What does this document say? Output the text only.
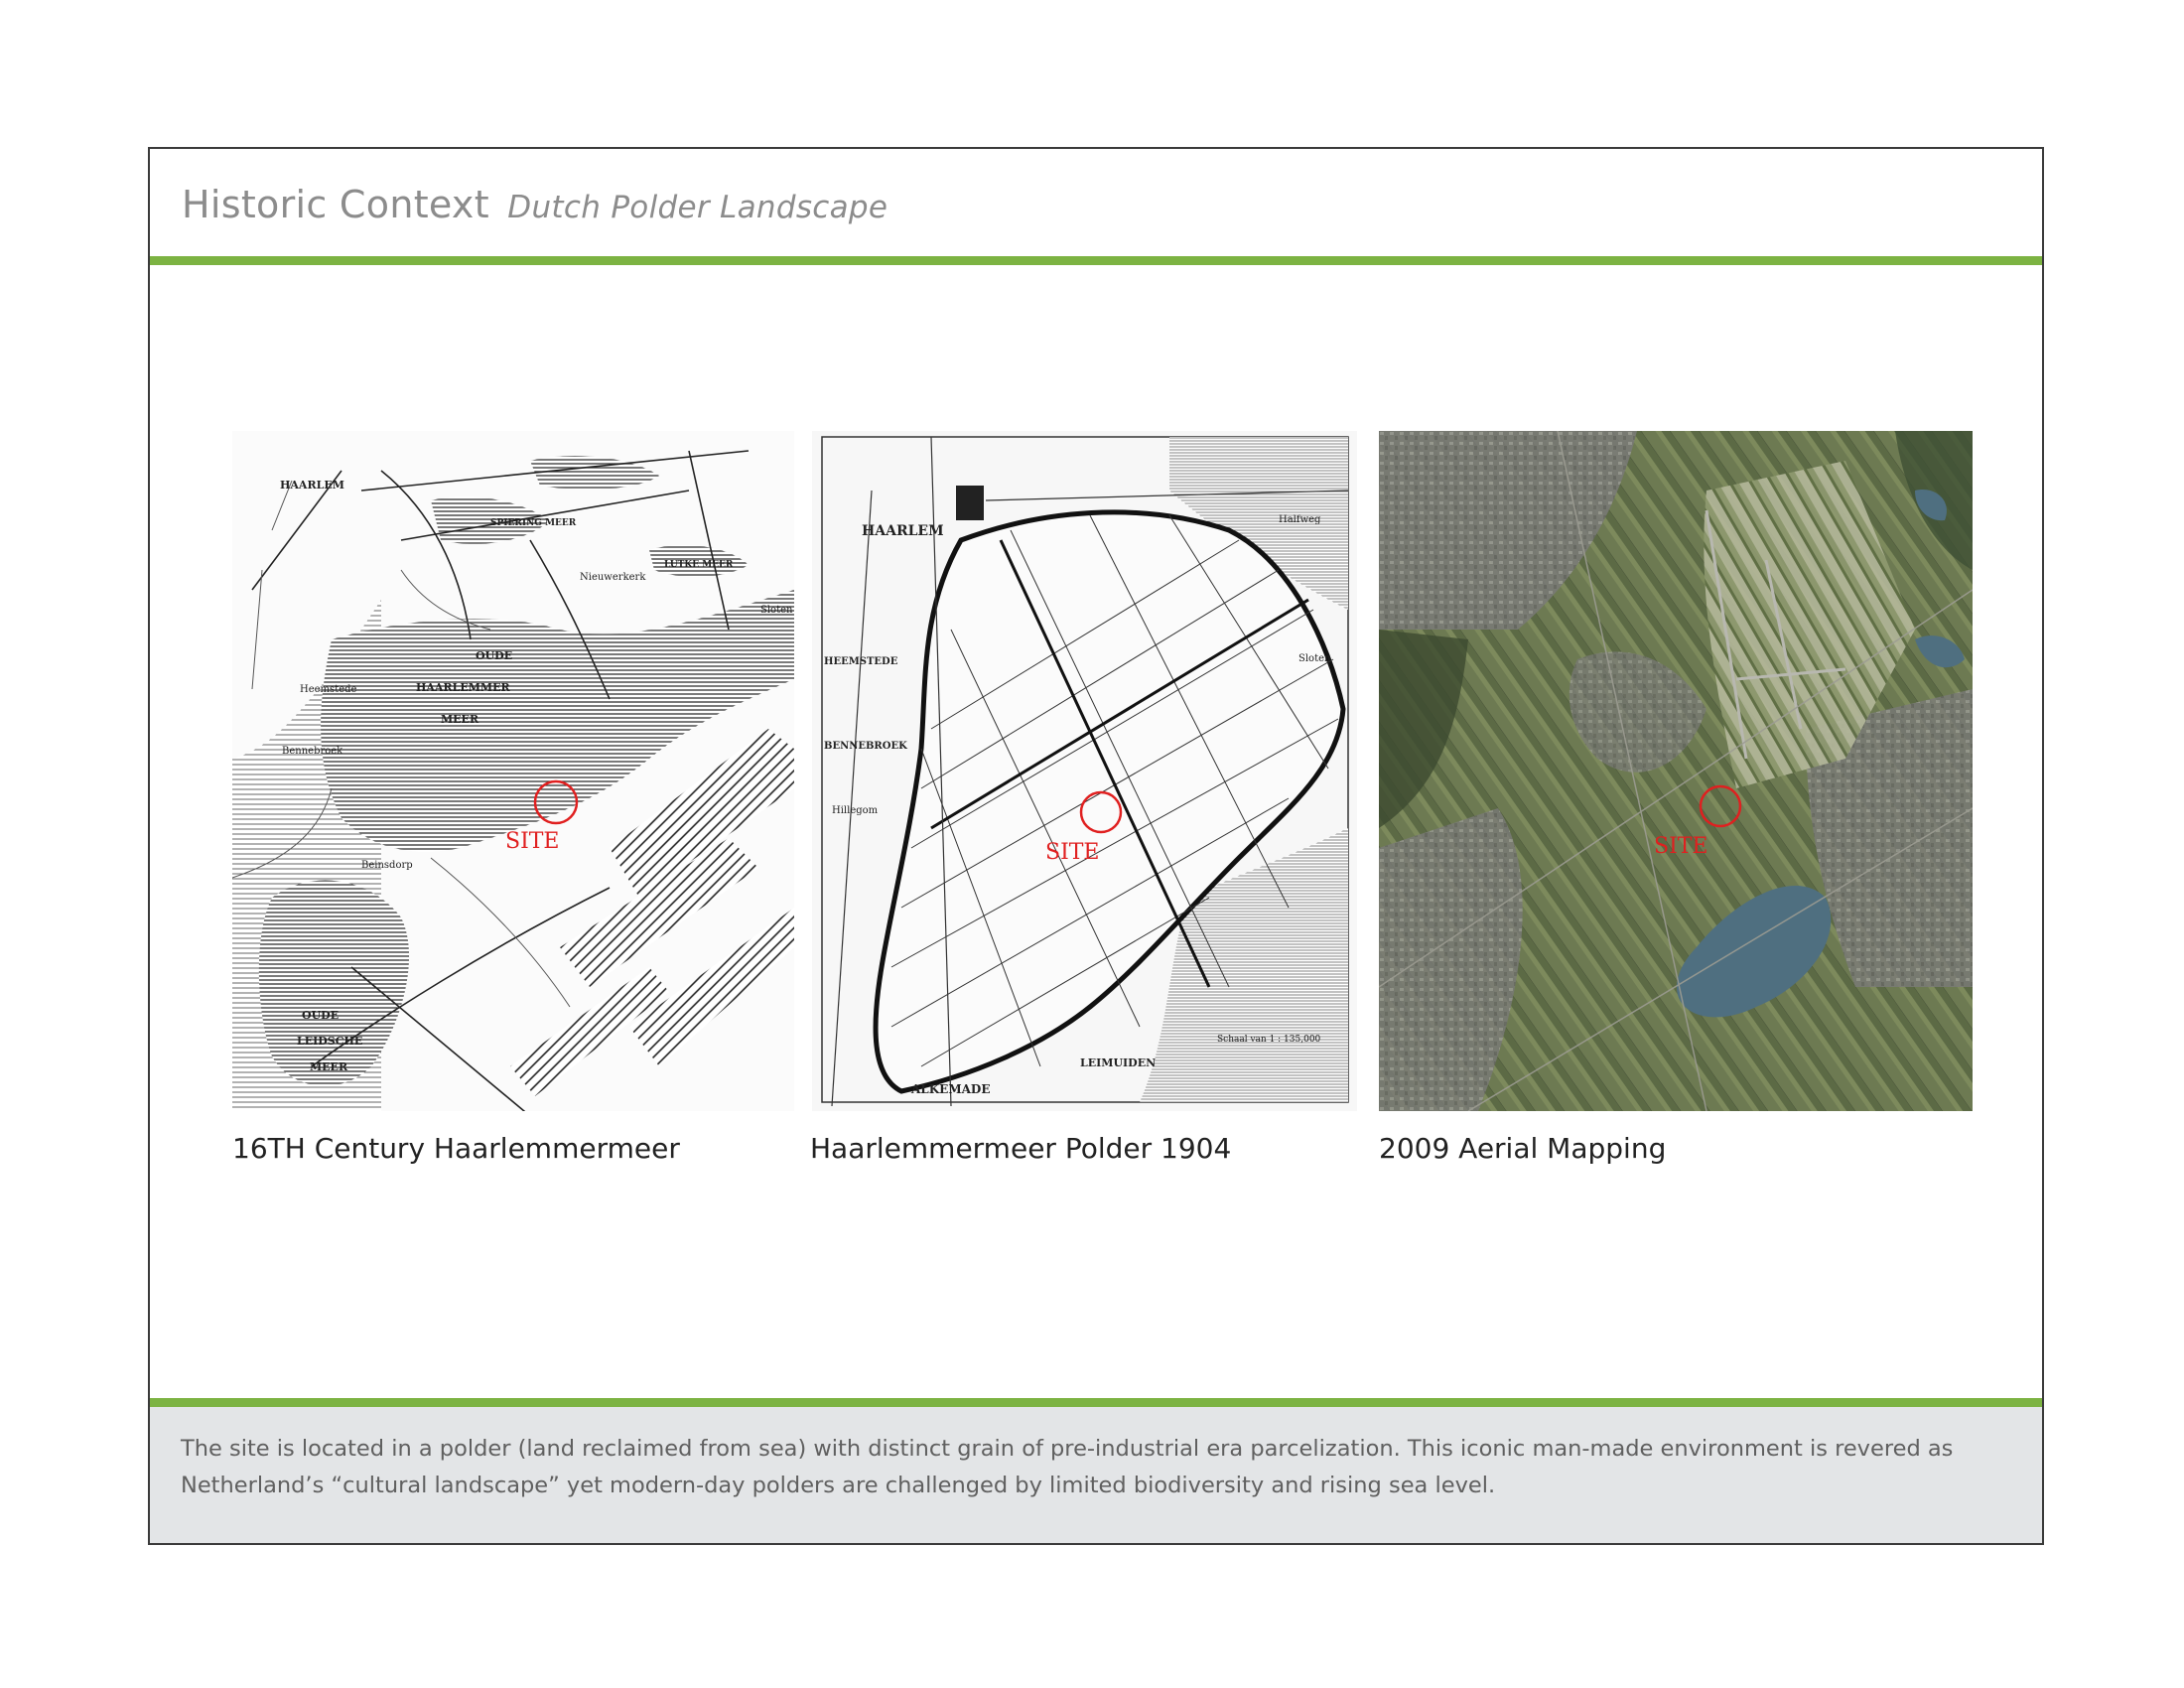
Historic Context Dutch Polder Landscape
HAARLEM
OUDE
HAARLEMMER
MEER
OUDE
LEIDSCHE
MEER
Bennebroek
Heemstede
Sloten
Nieuwerkerk
Beinsdorp
SPIERING MEER
LUTKE MEER
SITE
HAARLEM
HEEMSTEDE
BENNEBROEK
ALKEMADE
LEIMUIDEN
Hillegom
Sloten
Halfweg
Schaal van 1 : 135,000
SITE	SITE
16TH Century Haarlemmermeer	Haarlemmermeer Polder 1904	2009 Aerial Mapping

The site is located in a polder (land reclaimed from sea) with distinct grain of pre-industrial era parcelization. This iconic man-made environment is revered as Netherland’s “cultural landscape” yet modern-day polders are challenged by limited biodiversity and rising sea level.
